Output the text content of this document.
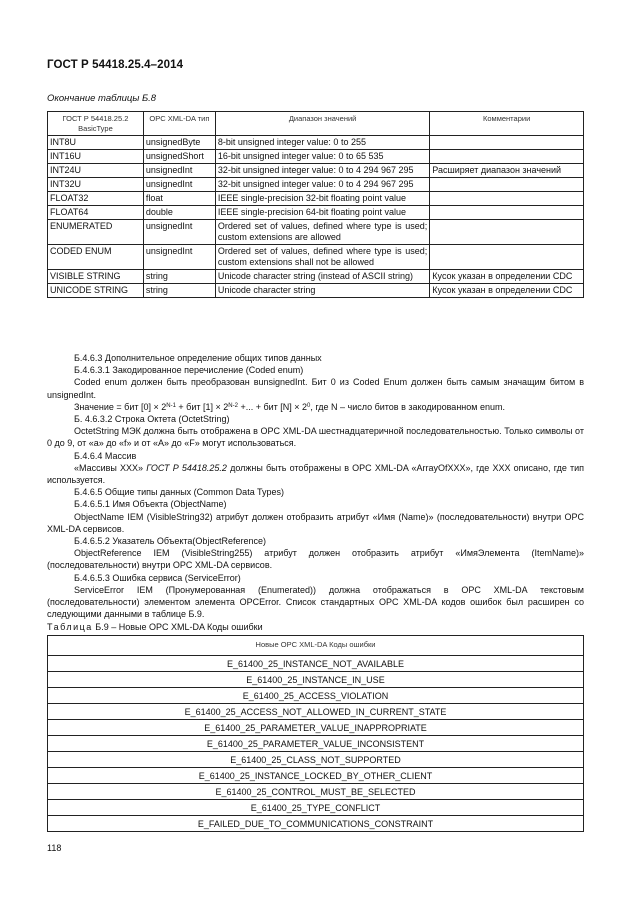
ГОСТ Р 54418.25.4–2014
Окончание таблицы Б.8
ГОСТ Р 54418.25.2 BasicType	OPC XML-DA тип	Диапазон значений	Комментарии
INT8U	unsignedByte	8-bit unsigned integer value: 0 to 255	
INT16U	unsignedShort	16-bit unsigned integer value: 0 to 65 535	
INT24U	unsignedInt	32-bit unsigned integer value: 0 to 4 294 967 295	Расширяет диапазон значений
INT32U	unsignedInt	32-bit unsigned integer value: 0 to 4 294 967 295	
FLOAT32	float	IEEE single-precision 32-bit floating point value	
FLOAT64	double	IEEE single-precision 64-bit floating point value	
ENUMERATED	unsignedInt	Ordered set of values, defined where type is used; custom extensions are allowed	
CODED ENUM	unsignedInt	Ordered set of values, defined where type is used; custom extensions shall not be allowed	
VISIBLE STRING	string	Unicode character string (instead of ASCII string)	Кусок указан в определении CDC
UNICODE STRING	string	Unicode character string	Кусок указан в определении CDC

Б.4.6.3 Дополнительное определение общих типов данных

Б.4.6.3.1 Закодированное перечисление (Coded enum)

Coded enum должен быть преобразован вunsignedInt. Бит 0 из Coded Enum должен быть самым значащим битом в unsignedInt.

Значение = бит $[0] \times 2^{N-1}$ + бит $[1] \times 2^{N-2}$ +... + бит $[N] \times 2^0$, где N – число битов в закодированном enum.

Б. 4.6.3.2 Строка Октета (OctetString)

OctetString МЭК должна быть отображена в OPC XML-DA шестнадцатеричной последовательностью. Только символы от 0 до 9, от «a» до «f» и от «A» до «F» могут использоваться.

Б.4.6.4 Массив

«Массивы XXX» ГОСТ Р 54418.25.2 должны быть отображены в OPC XML-DA «ArrayOfXXX», где XXX описано, где тип используется.

Б.4.6.5 Общие типы данных (Common Data Types)

Б.4.6.5.1 Имя Объекта (ObjectName)

ObjectName IEM (VisibleString32) атрибут должен отобразить атрибут «Имя (Name)» (последовательности) внутри OPC XML-DA сервисов.

Б.4.6.5.2 Указатель Объекта(ObjectReference)

ObjectReference IEM (VisibleString255) атрибут должен отобразить атрибут «ИмяЭлемента (ItemName)» (последовательности) внутри OPC XML-DA сервисов.

Б.4.6.5.3 Ошибка сервиса (ServiceError)

ServiceError IEM (Пронумерованная (Enumerated)) должна отображаться в OPC XML-DA текстовым (последовательности) элементом элемента OPCError. Список стандартных OPC XML-DA кодов ошибок был расширен со следующими данными в таблице Б.9.

Таблица Б.9 – Новые OPC XML-DA Коды ошибки
Новые OPC XML-DA Коды ошибки
E_61400_25_INSTANCE_NOT_AVAILABLE
E_61400_25_INSTANCE_IN_USE
E_61400_25_ACCESS_VIOLATION
E_61400_25_ACCESS_NOT_ALLOWED_IN_CURRENT_STATE
E_61400_25_PARAMETER_VALUE_INAPPROPRIATE
E_61400_25_PARAMETER_VALUE_INCONSISTENT
E_61400_25_CLASS_NOT_SUPPORTED
E_61400_25_INSTANCE_LOCKED_BY_OTHER_CLIENT
E_61400_25_CONTROL_MUST_BE_SELECTED
E_61400_25_TYPE_CONFLICT
E_FAILED_DUE_TO_COMMUNICATIONS_CONSTRAINT
118
